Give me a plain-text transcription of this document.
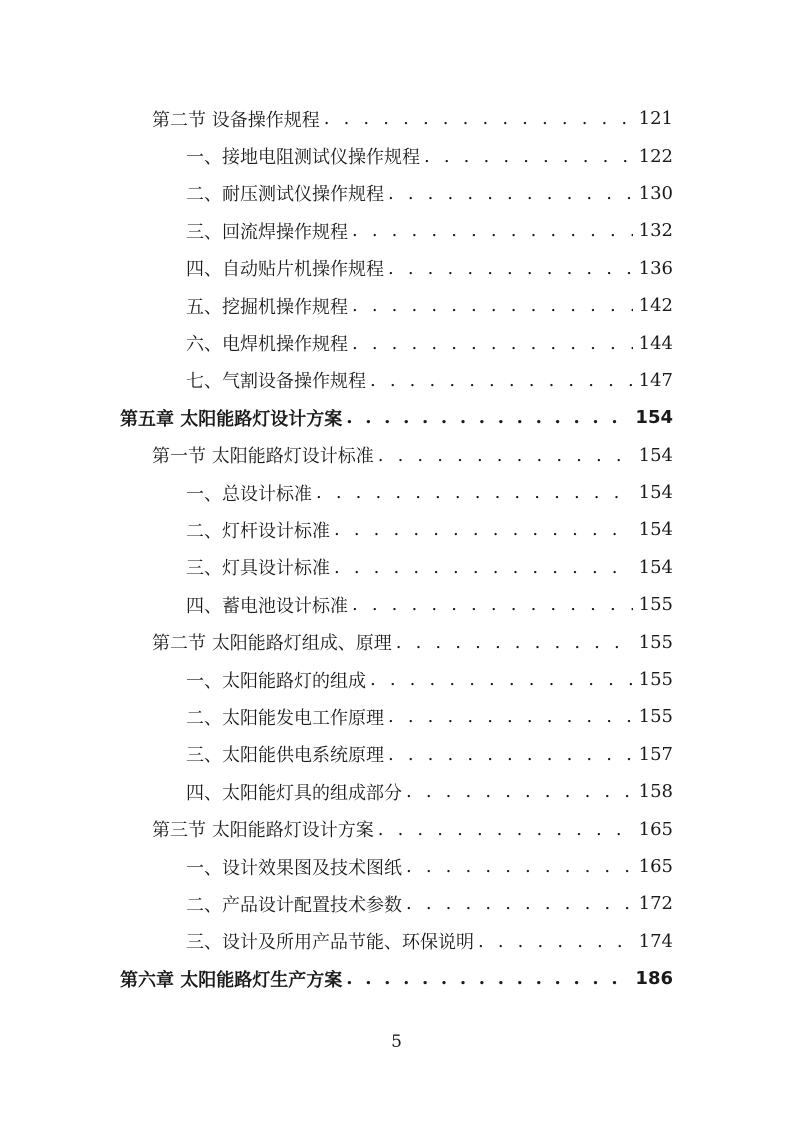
第二节 设备操作规程 . . .	121
一、接地电阻测试仪操作规程 . . .	122
二、耐压测试仪操作规程 . . .	130
三、回流焊操作规程 . . .	132
四、自动贴片机操作规程 . . .	136
五、挖掘机操作规程 . . .	142
六、电焊机操作规程 . . .	144
七、气割设备操作规程 . . .	147
第五章 太阳能路灯设计方案 . . .	154
第一节 太阳能路灯设计标准 . . .	154
一、总设计标准 . . .	154
二、灯杆设计标准 . . .	154
三、灯具设计标准 . . .	154
四、蓄电池设计标准 . . .	155
第二节 太阳能路灯组成、原理 . . .	155
一、太阳能路灯的组成 . . .	155
二、太阳能发电工作原理 . . .	155
三、太阳能供电系统原理 . . .	157
四、太阳能灯具的组成部分 . . .	158
第三节 太阳能路灯设计方案 . . .	165
一、设计效果图及技术图纸 . . .	165
二、产品设计配置技术参数 . . .	172
三、设计及所用产品节能、环保说明 . . .	174
第六章 太阳能路灯生产方案 . . .	186
5
